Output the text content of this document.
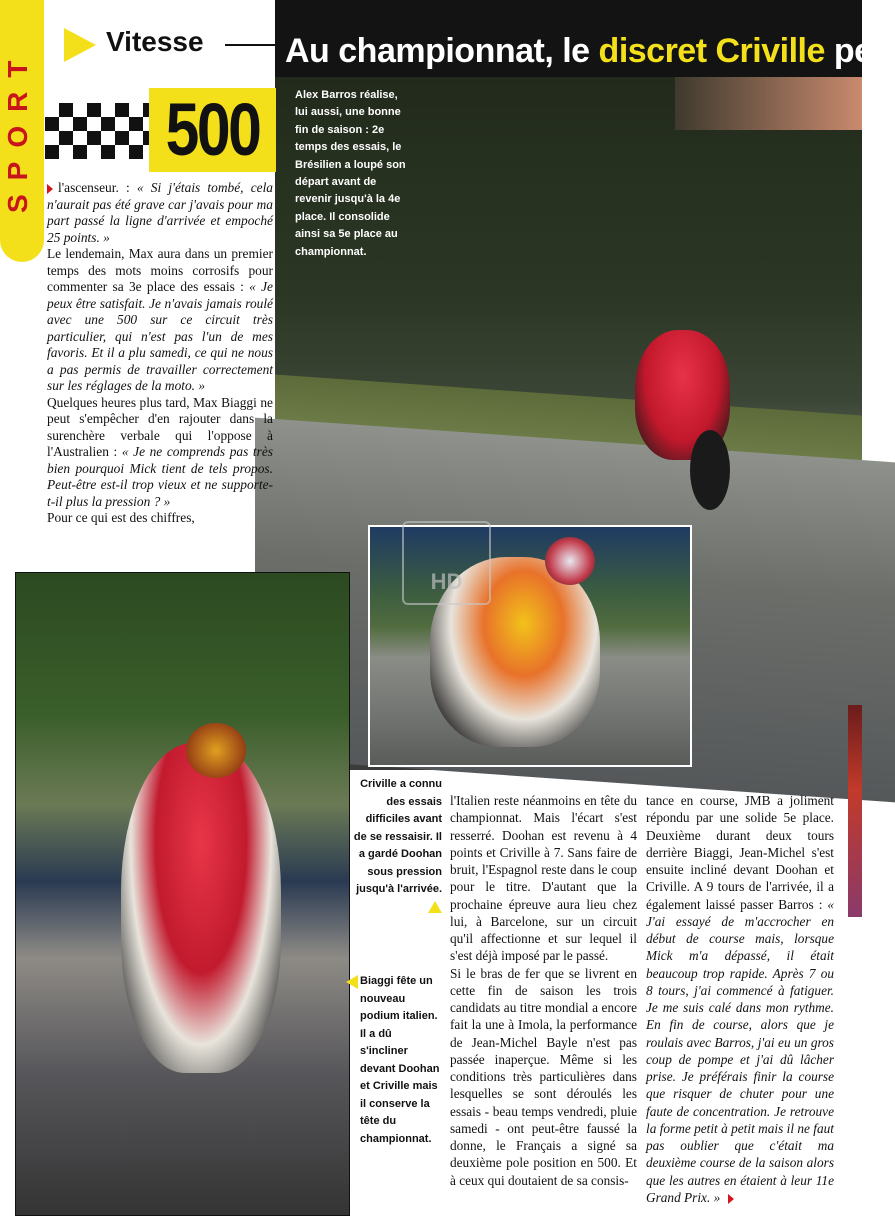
Au championnat, le discret Criville pe
Alex Barros réalise, lui aussi, une bonne fin de saison : 2e temps des essais, le Brésilien a loupé son départ avant de revenir jusqu'à la 4e place. Il consolide ainsi sa 5e place au championnat.
SPORT
Vitesse
500

l'ascenseur. : « Si j'étais tombé, cela n'aurait pas été grave car j'avais pour ma part passé la ligne d'arrivée et empoché 25 points. »

Le lendemain, Max aura dans un premier temps des mots moins corrosifs pour commenter sa 3e place des essais : « Je peux être satisfait. Je n'avais jamais roulé avec une 500 sur ce circuit très particulier, qui n'est pas l'un de mes favoris. Et il a plu samedi, ce qui ne nous a pas permis de travailler correctement sur les réglages de la moto. »

Quelques heures plus tard, Max Biaggi ne peut s'empêcher d'en rajouter dans la surenchère verbale qui l'oppose à l'Australien : « Je ne comprends pas très bien pourquoi Mick tient de tels propos. Peut-être est-il trop vieux et ne supporte-t-il plus la pression ? »

Pour ce qui est des chiffres,

HD
Criville a connu des essais difficiles avant de se ressaisir. Il a gardé Doohan sous pression jusqu'à l'arrivée.
Biaggi fête un nouveau podium italien. Il a dû s'incliner devant Doohan et Criville mais il conserve la tête du championnat.

l'Italien reste néanmoins en tête du championnat. Mais l'écart s'est resserré. Doohan est revenu à 4 points et Criville à 7. Sans faire de bruit, l'Espagnol reste dans le coup pour le titre. D'autant que la prochaine épreuve aura lieu chez lui, à Barcelone, sur un circuit qu'il affectionne et sur lequel il s'est déjà imposé par le passé.

Si le bras de fer que se livrent en cette fin de saison les trois candidats au titre mondial a encore fait la une à Imola, la performance de Jean-Michel Bayle n'est pas passée inaperçue. Même si les conditions très particulières dans lesquelles se sont déroulés les essais - beau temps vendredi, pluie samedi - ont peut-être faussé la donne, le Français a signé sa deuxième pole position en 500. Et à ceux qui doutaient de sa consis-

tance en course, JMB a joliment répondu par une solide 5e place. Deuxième durant deux tours derrière Biaggi, Jean-Michel s'est ensuite incliné devant Doohan et Criville. A 9 tours de l'arrivée, il a également laissé passer Barros : « J'ai essayé de m'accrocher en début de course mais, lorsque Mick m'a dépassé, il était beaucoup trop rapide. Après 7 ou 8 tours, j'ai commencé à fatiguer. Je me suis calé dans mon rythme. En fin de course, alors que je roulais avec Barros, j'ai eu un gros coup de pompe et j'ai dû lâcher prise. Je préférais finir la course que risquer de chuter pour une faute de concentration. Je retrouve la forme petit à petit mais il ne faut pas oublier que c'était ma deuxième course de la saison alors que les autres en étaient à leur 11e Grand Prix. »
